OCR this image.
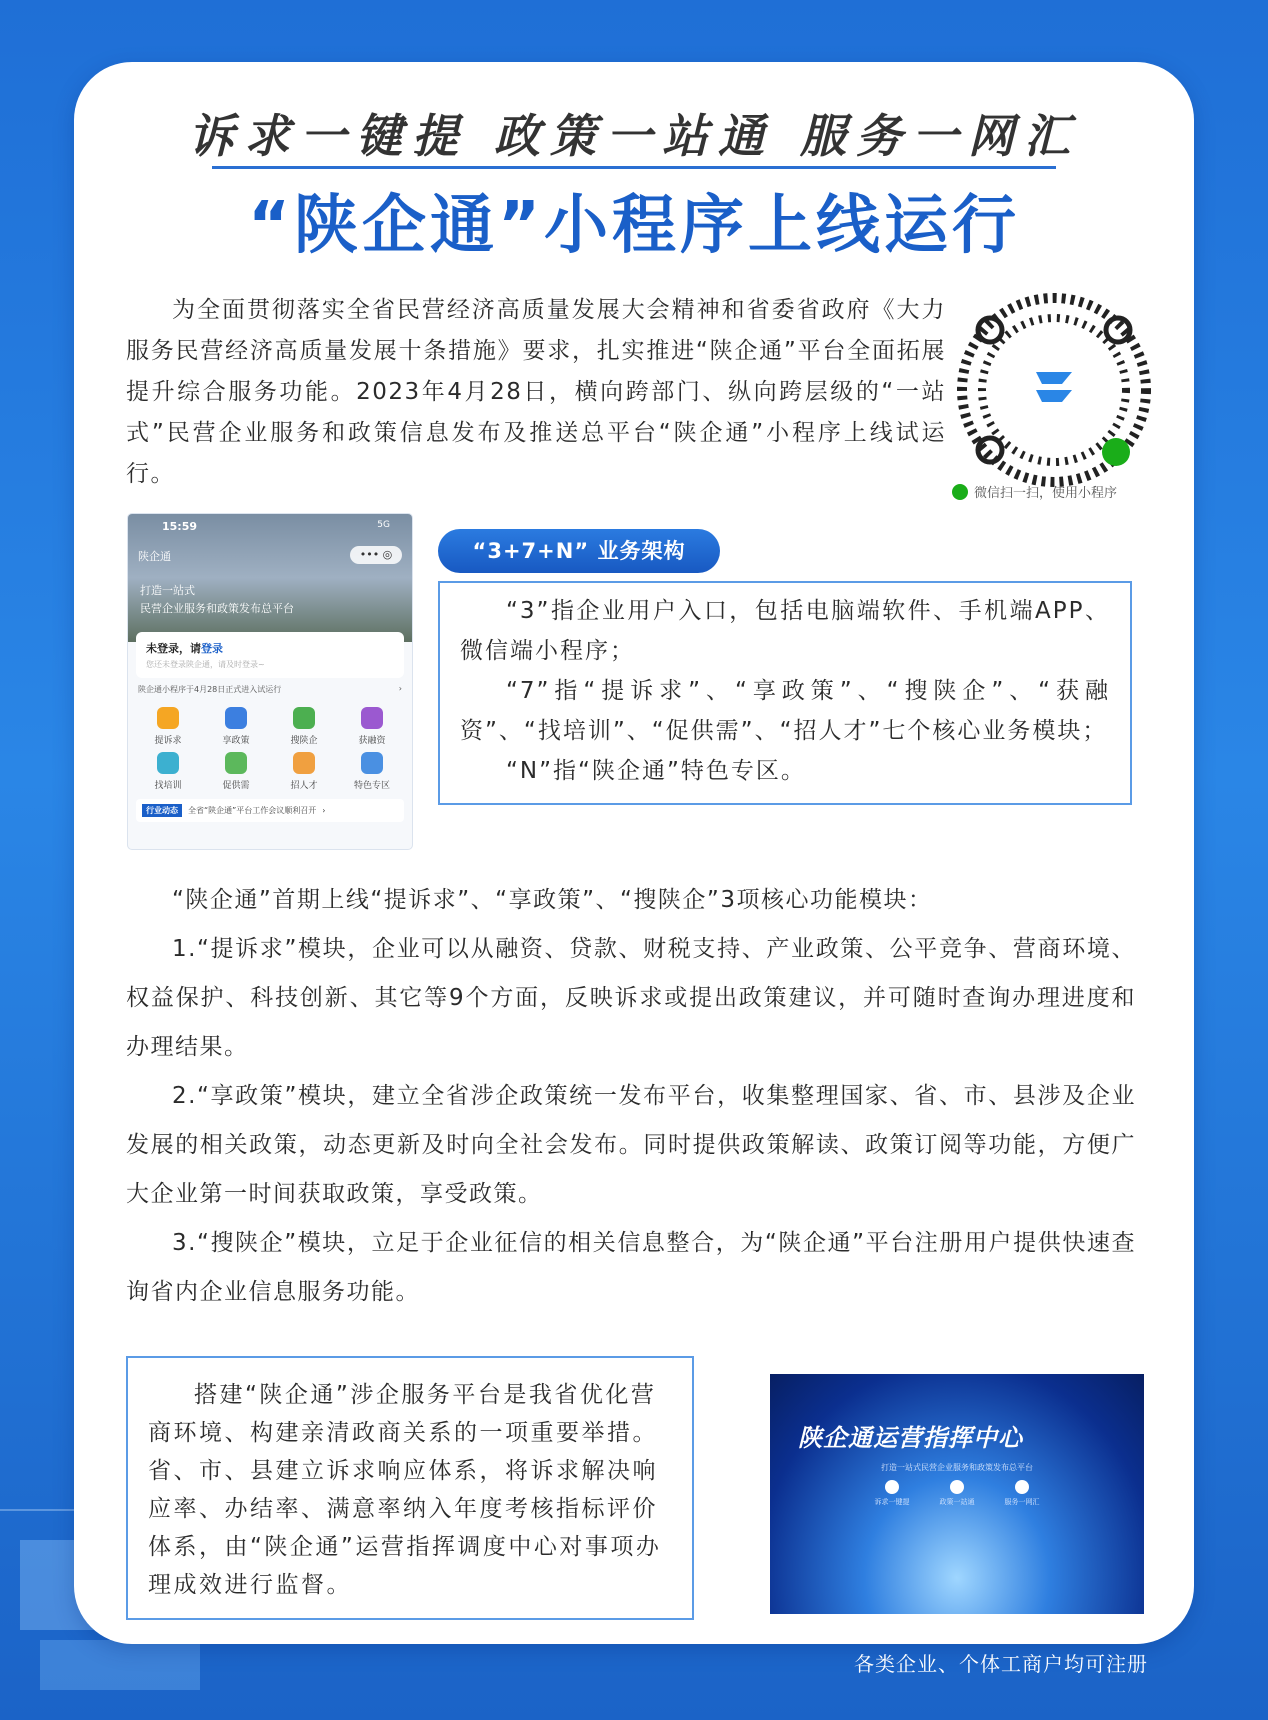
诉求一键提 政策一站通 服务一网汇
“陕企通”小程序上线运行
为全面贯彻落实全省民营经济高质量发展大会精神和省委省政府《大力服务民营经济高质量发展十条措施》要求，扎实推进“陕企通”平台全面拓展提升综合服务功能。2023年4月28日，横向跨部门、纵向跨层级的“一站式”民营企业服务和政策信息发布及推送总平台“陕企通”小程序上线试运行。
微信扫一扫，使用小程序
15:59	5G
陕企通	••• ◎
打造一站式
民营企业服务和政策发布总平台
未登录，请登录
您还未登录陕企通，请及时登录~
陕企通小程序于4月28日正式进入试运行	›
提诉求	享政策	搜陕企	获融资
找培训	促供需	招人才	特色专区
行业动态	全省“陕企通”平台工作会议顺利召开 ›
“3+7+N” 业务架构

“3”指企业用户入口，包括电脑端软件、手机端APP、微信端小程序；

“7”指“提诉求”、“享政策”、“搜陕企”、“获融资”、“找培训”、“促供需”、“招人才”七个核心业务模块；

“N”指“陕企通”特色专区。

“陕企通”首期上线“提诉求”、“享政策”、“搜陕企”3项核心功能模块：

1.“提诉求”模块，企业可以从融资、贷款、财税支持、产业政策、公平竞争、营商环境、权益保护、科技创新、其它等9个方面，反映诉求或提出政策建议，并可随时查询办理进度和办理结果。

2.“享政策”模块，建立全省涉企政策统一发布平台，收集整理国家、省、市、县涉及企业发展的相关政策，动态更新及时向全社会发布。同时提供政策解读、政策订阅等功能，方便广大企业第一时间获取政策，享受政策。

3.“搜陕企”模块，立足于企业征信的相关信息整合，为“陕企通”平台注册用户提供快速查询省内企业信息服务功能。

搭建“陕企通”涉企服务平台是我省优化营商环境、构建亲清政商关系的一项重要举措。省、市、县建立诉求响应体系，将诉求解决响应率、办结率、满意率纳入年度考核指标评价体系，由“陕企通”运营指挥调度中心对事项办理成效进行监督。
陕企通运营指挥中心
打造一站式民营企业服务和政策发布总平台
诉求一键提	政策一站通	服务一网汇
各类企业、个体工商户均可注册
